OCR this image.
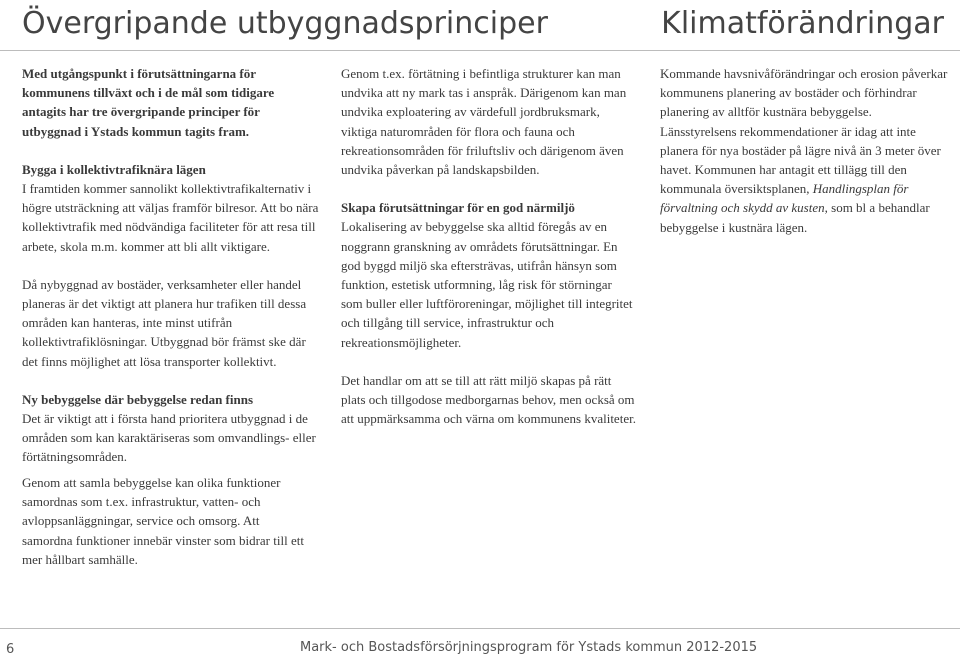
Övergripande utbyggnadsprinciper	Klimatförändringar

Med utgångspunkt i förutsättningarna för kommunens tillväxt och i de mål som tidigare antagits har tre övergripande principer för utbyggnad i Ystads kommun tagits fram.

Bygga i kollektivtrafiknära lägen
I framtiden kommer sannolikt kollektivtrafikalternativ i högre utsträckning att väljas framför bilresor. Att bo nära kollektivtrafik med nödvändiga faciliteter för att resa till arbete, skola m.m. kommer att bli allt viktigare.

Då nybyggnad av bostäder, verksamheter eller handel planeras är det viktigt att planera hur trafiken till dessa områden kan hanteras, inte minst utifrån kollektivtrafiklösningar. Utbyggnad bör främst ske där det finns möjlighet att lösa transporter kollektivt.

Ny bebyggelse där bebyggelse redan finns
Det är viktigt att i första hand prioritera utbyggnad i de områden som kan karaktäriseras som omvandlings- eller förtätningsområden.

Genom att samla bebyggelse kan olika funktioner samordnas som t.ex. infrastruktur, vatten- och avloppsanläggningar, service och omsorg. Att samordna funktioner innebär vinster som bidrar till ett mer hållbart samhälle.

Genom t.ex. förtätning i befintliga strukturer kan man undvika att ny mark tas i anspråk. Därigenom kan man undvika exploatering av värdefull jordbruksmark, viktiga naturområden för flora och fauna och rekreationsområden för friluftsliv och därigenom även undvika påverkan på landskapsbilden.

Skapa förutsättningar för en god närmiljö
Lokalisering av bebyggelse ska alltid föregås av en noggrann granskning av områdets förutsättningar. En god byggd miljö ska eftersträvas, utifrån hänsyn som funktion, estetisk utformning, låg risk för störningar som buller eller luftföroreningar, möjlighet till integritet och tillgång till service, infrastruktur och rekreationsmöjligheter.

Det handlar om att se till att rätt miljö skapas på rätt plats och tillgodose medborgarnas behov, men också om att uppmärksamma och värna om kommunens kvaliteter.

Kommande havsnivåförändringar och erosion påverkar kommunens planering av bostäder och förhindrar planering av alltför kustnära bebyggelse. Länsstyrelsens rekommendationer är idag att inte planera för nya bostäder på lägre nivå än 3 meter över havet. Kommunen har antagit ett tillägg till den kommunala översiktsplanen, Handlingsplan för förvaltning och skydd av kusten, som bl a behandlar bebyggelse i kustnära lägen.

6	Mark- och Bostadsförsörjningsprogram för Ystads kommun 2012-2015
